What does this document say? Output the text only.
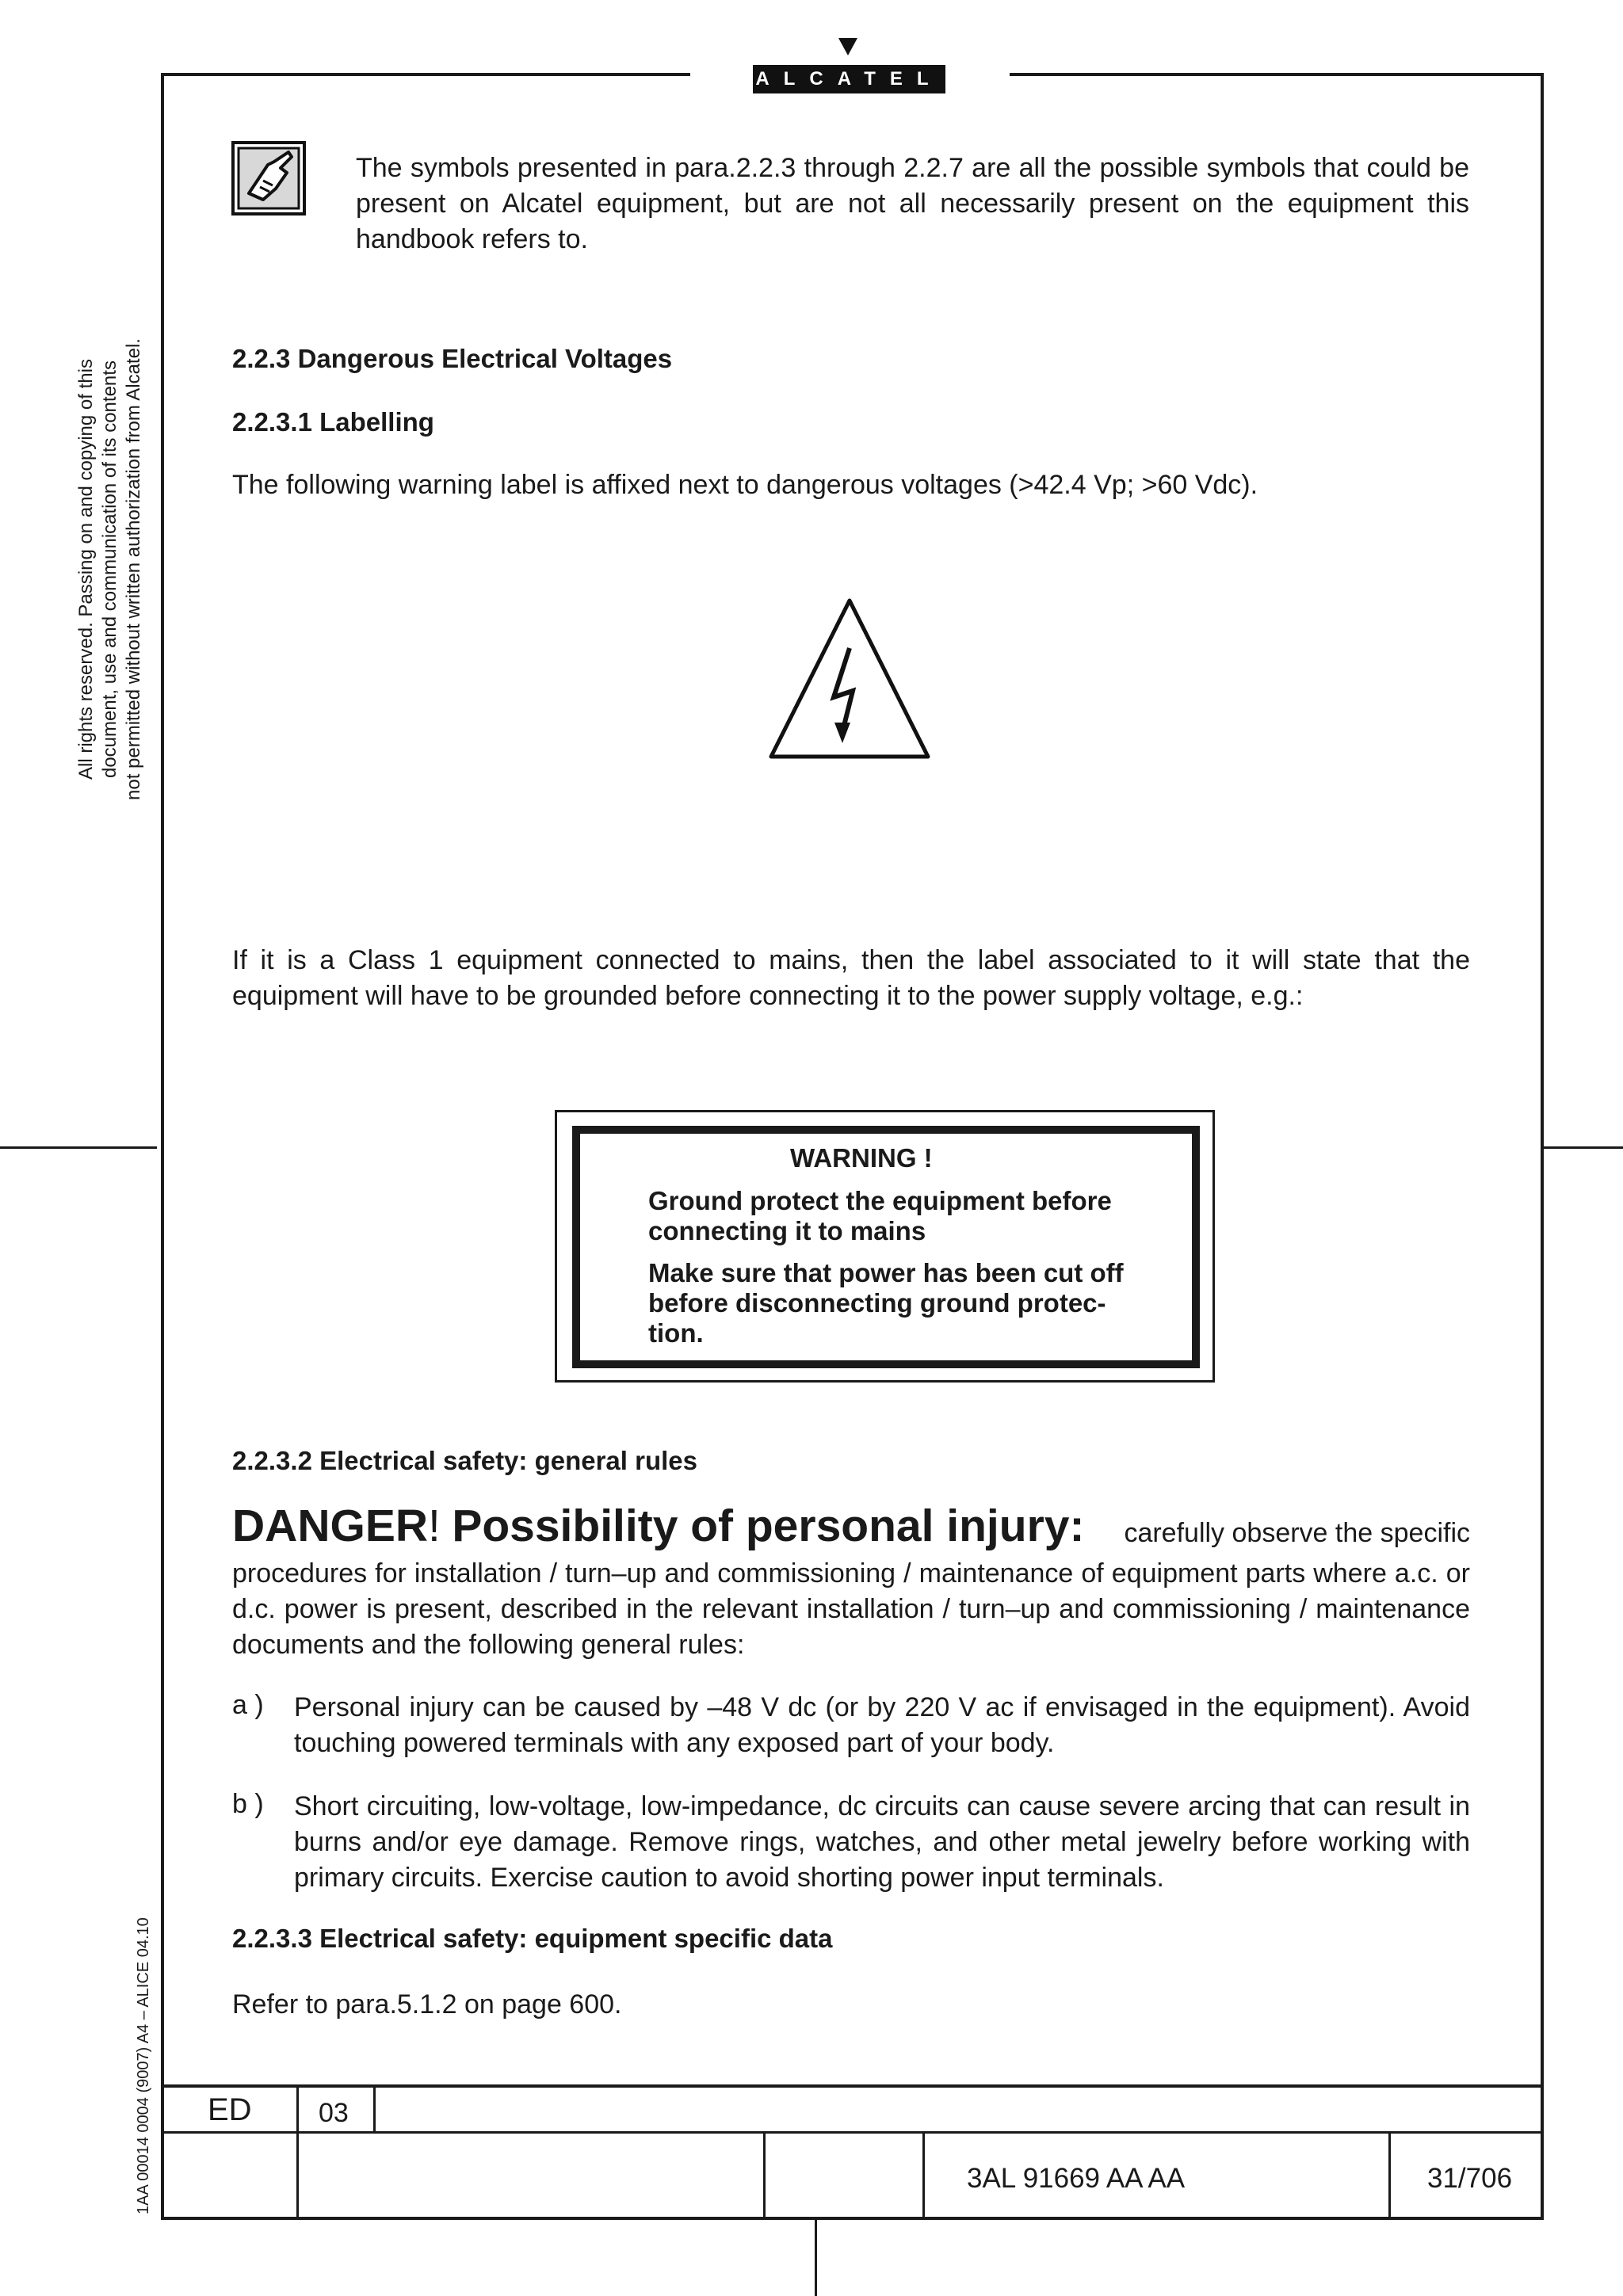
ALCATEL
The symbols presented in para.2.2.3 through 2.2.7 are all the possible symbols that could be present on Alcatel equipment, but are not all necessarily present on the equipment this handbook refers to.
All rights reserved. Passing on and copying of this document, use and communication of its contents not permitted without written authorization from Alcatel.
1AA 00014 0004 (9007) A4 – ALICE 04.10
2.2.3 Dangerous Electrical Voltages
2.2.3.1 Labelling
The following warning label is affixed next to dangerous voltages (>42.4 Vp; >60 Vdc).
If it is a Class 1 equipment connected to mains, then the label associated to it will state that the equipment will have to be grounded before connecting it to the power supply voltage, e.g.:
WARNING !
Ground protect the equipment before
connecting it to mains
Make sure that power has been cut off
before disconnecting ground protec-
tion.
2.2.3.2 Electrical safety: general rules
DANGER! Possibility of personal injury: carefully observe the specific
procedures for installation / turn–up and commissioning / maintenance of equipment parts where a.c. or d.c. power is present, described in the relevant installation / turn–up and commissioning / maintenance documents and the following general rules:
a ) Personal injury can be caused by –48 V dc (or by 220 V ac if envisaged in the equipment). Avoid touching powered terminals with any exposed part of your body.
b ) Short circuiting, low-voltage, low-impedance, dc circuits can cause severe arcing that can result in burns and/or eye damage. Remove rings, watches, and other metal jewelry before working with primary circuits. Exercise caution to avoid shorting power input terminals.
2.2.3.3 Electrical safety: equipment specific data
Refer to para.5.1.2 on page 600.
ED 03
3AL 91669 AA AA	31/706
